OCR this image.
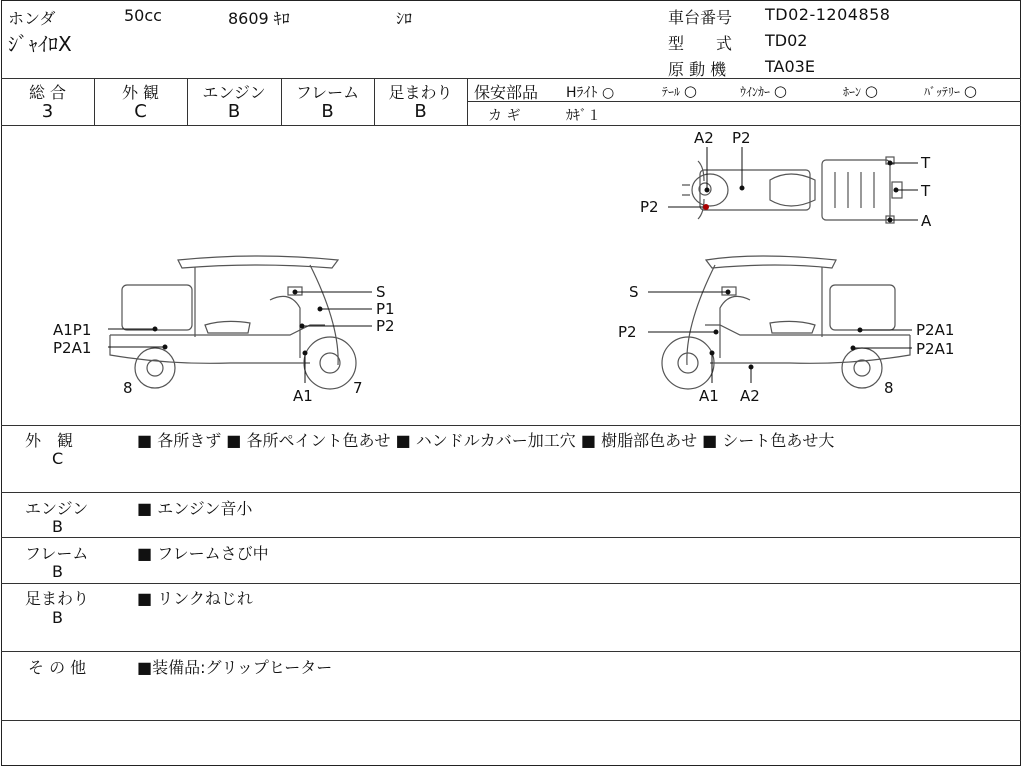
ホンダ	50cc	8609 ｷﾛ	ｼﾛ
ｼﾞｬｲﾛX
車台番号 TD02-1204858
型　　式 TD02
原 動 機 TA03E
総 合	外 観	エンジン	フレーム	足まわり
3	C	B	B	B
保安部品 Hﾗｲﾄ ○	ﾃｰﾙ ○	ｳｲﾝｶｰ ○	ﾎｰﾝ ○	ﾊﾞｯﾃﾘｰ ○
カ ギ	ｶｷﾞ１
A2 P2
P2
T
T
A
S
P1
P2
A1P1
P2A1
8	A1	7
S
P2	P2A1
P2A1
8
A1 A2
外　観
C
■ 各所きず ■ 各所ペイント色あせ ■ ハンドルカバー加工穴 ■ 樹脂部色あせ ■ シート色あせ大
エンジン
B
■ エンジン音小
フレーム
B
■ フレームさび中
足まわり
B
■ リンクねじれ
そ の 他	■装備品:グリップヒーター
